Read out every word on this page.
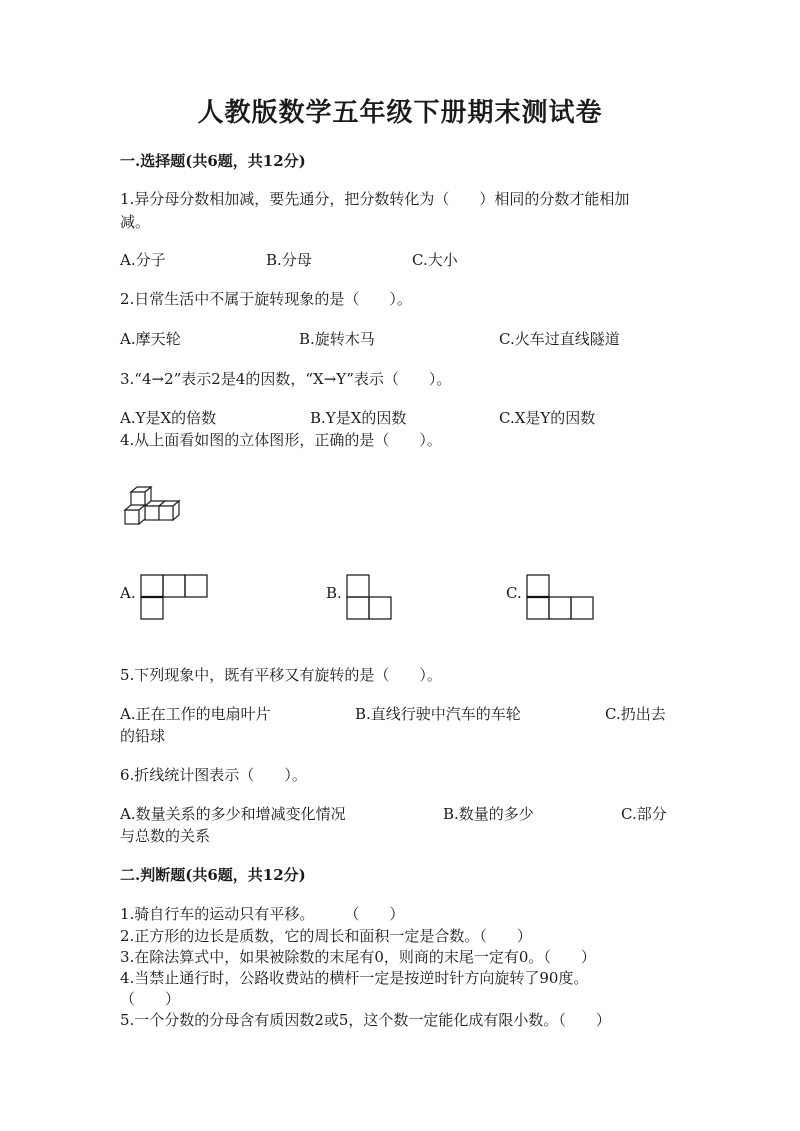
人教版数学五年级下册期末测试卷
一.选择题(共6题，共12分)
1.异分母分数相加减，要先通分，把分数转化为（　　）相同的分数才能相加
减。
A.分子	B.分母	C.大小
2.日常生活中不属于旋转现象的是（　　）。
A.摩天轮	B.旋转木马	C.火车过直线隧道
3.“4→2”表示2是4的因数，“X→Y”表示（　　）。
A.Y是X的倍数	B.Y是X的因数	C.X是Y的因数
4.从上面看如图的立体图形，正确的是（　　）。
A.	B.	C.
5.下列现象中，既有平移又有旋转的是（　　）。
A.正在工作的电扇叶片	B.直线行驶中汽车的车轮	C.扔出去
的铅球
6.折线统计图表示（　　）。
A.数量关系的多少和增减变化情况	B.数量的多少	C.部分
与总数的关系
二.判断题(共6题，共12分)
1.骑自行车的运动只有平移。　　　（　　）
2.正方形的边长是质数，它的周长和面积一定是合数。（　　）
3.在除法算式中，如果被除数的末尾有0，则商的末尾一定有0。（　　）
4.当禁止通行时，公路收费站的横杆一定是按逆时针方向旋转了90度。
（　　）
5.一个分数的分母含有质因数2或5，这个数一定能化成有限小数。（　　）
